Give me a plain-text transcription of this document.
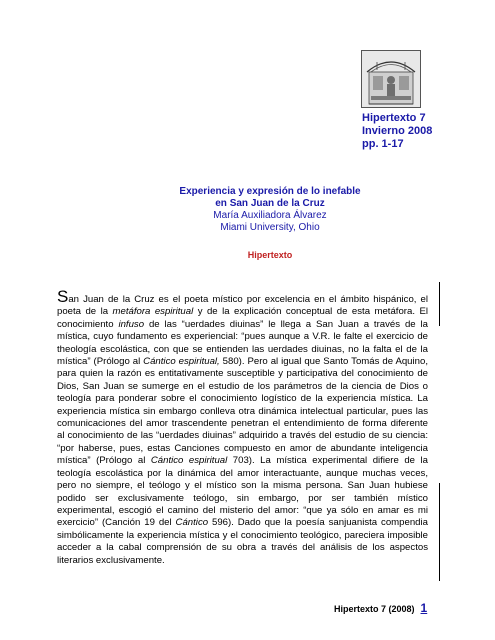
Hipertexto 7
Invierno 2008
pp. 1-17
Experiencia y expresión de lo inefable
en San Juan de la Cruz
María Auxiliadora Álvarez
Miami University, Ohio
Hipertexto
San Juan de la Cruz es el poeta místico por excelencia en el ámbito hispánico, el poeta de la metáfora espiritual y de la explicación conceptual de esta metáfora. El conocimiento infuso de las “uerdades diuinas” le llega a San Juan a través de la mística, cuyo fundamento es experiencial: “pues aunque a V.R. le falte el exercicio de theología escolástica, con que se entienden las uerdades diuinas, no la falta el de la mística” (Prólogo al Cántico espiritual, 580). Pero al igual que Santo Tomás de Aquino, para quien la razón es entitativamente susceptible y participativa del conocimiento de Dios, San Juan se sumerge en el estudio de los parámetros de la ciencia de Dios o teología para ponderar sobre el conocimiento logístico de la experiencia mística. La experiencia mística sin embargo conlleva otra dinámica intelectual particular, pues las comunicaciones del amor trascendente penetran el entendimiento de forma diferente al conocimiento de las “uerdades diuinas” adquirido a través del estudio de su ciencia: “por haberse, pues, estas Canciones compuesto en amor de abundante inteligencia mística” (Prólogo al Cántico espiritual 703). La mística experimental difiere de la teología escolástica por la dinámica del amor interactuante, aunque muchas veces, pero no siempre, el teólogo y el místico son la misma persona. San Juan hubiese podido ser exclusivamente teólogo, sin embargo, por ser también místico experimental, escogió el camino del misterio del amor: “que ya sólo en amar es mi exercicio” (Canción 19 del Cántico 596). Dado que la poesía sanjuanista compendia simbólicamente la experiencia mística y el conocimiento teológico, pareciera imposible acceder a la cabal comprensión de su obra a través del análisis de los aspectos literarios exclusivamente.
Hipertexto 7 (2008) 1
